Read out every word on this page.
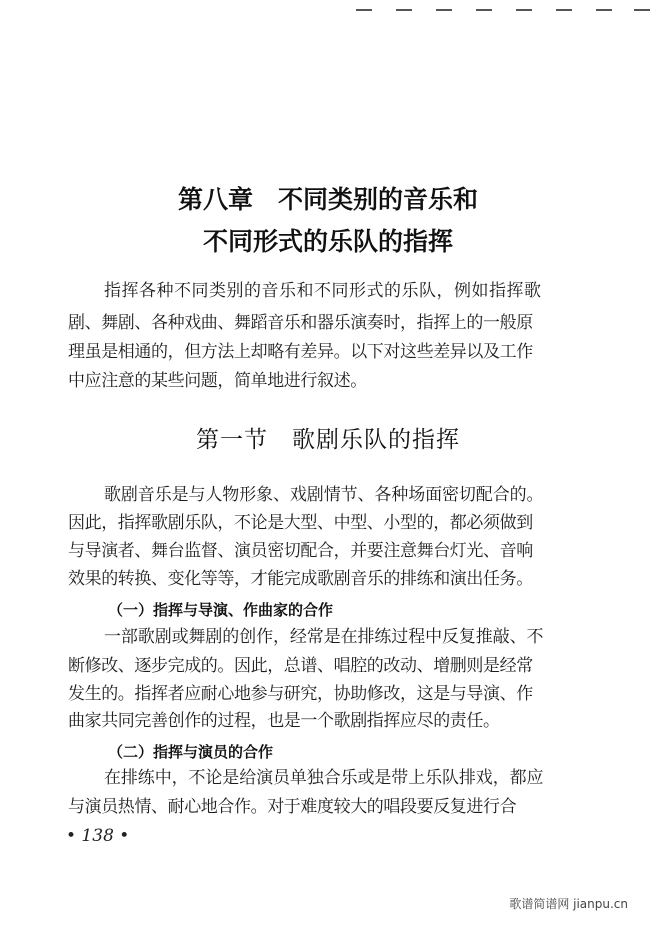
第八章　不同类别的音乐和
不同形式的乐队的指挥
指挥各种不同类别的音乐和不同形式的乐队，例如指挥歌
剧、舞剧、各种戏曲、舞蹈音乐和器乐演奏时，指挥上的一般原
理虽是相通的，但方法上却略有差异。以下对这些差异以及工作
中应注意的某些问题，简单地进行叙述。
第一节　歌剧乐队的指挥
歌剧音乐是与人物形象、戏剧情节、各种场面密切配合的。
因此，指挥歌剧乐队，不论是大型、中型、小型的，都必须做到
与导演者、舞台监督、演员密切配合，并要注意舞台灯光、音响
效果的转换、变化等等，才能完成歌剧音乐的排练和演出任务。
（一）指挥与导演、作曲家的合作
一部歌剧或舞剧的创作，经常是在排练过程中反复推敲、不
断修改、逐步完成的。因此，总谱、唱腔的改动、增删则是经常
发生的。指挥者应耐心地参与研究，协助修改，这是与导演、作
曲家共同完善创作的过程，也是一个歌剧指挥应尽的责任。
（二）指挥与演员的合作
在排练中，不论是给演员单独合乐或是带上乐队排戏，都应
与演员热情、耐心地合作。对于难度较大的唱段要反复进行合
• 138 •
歌谱简谱网 jianpu.cn
